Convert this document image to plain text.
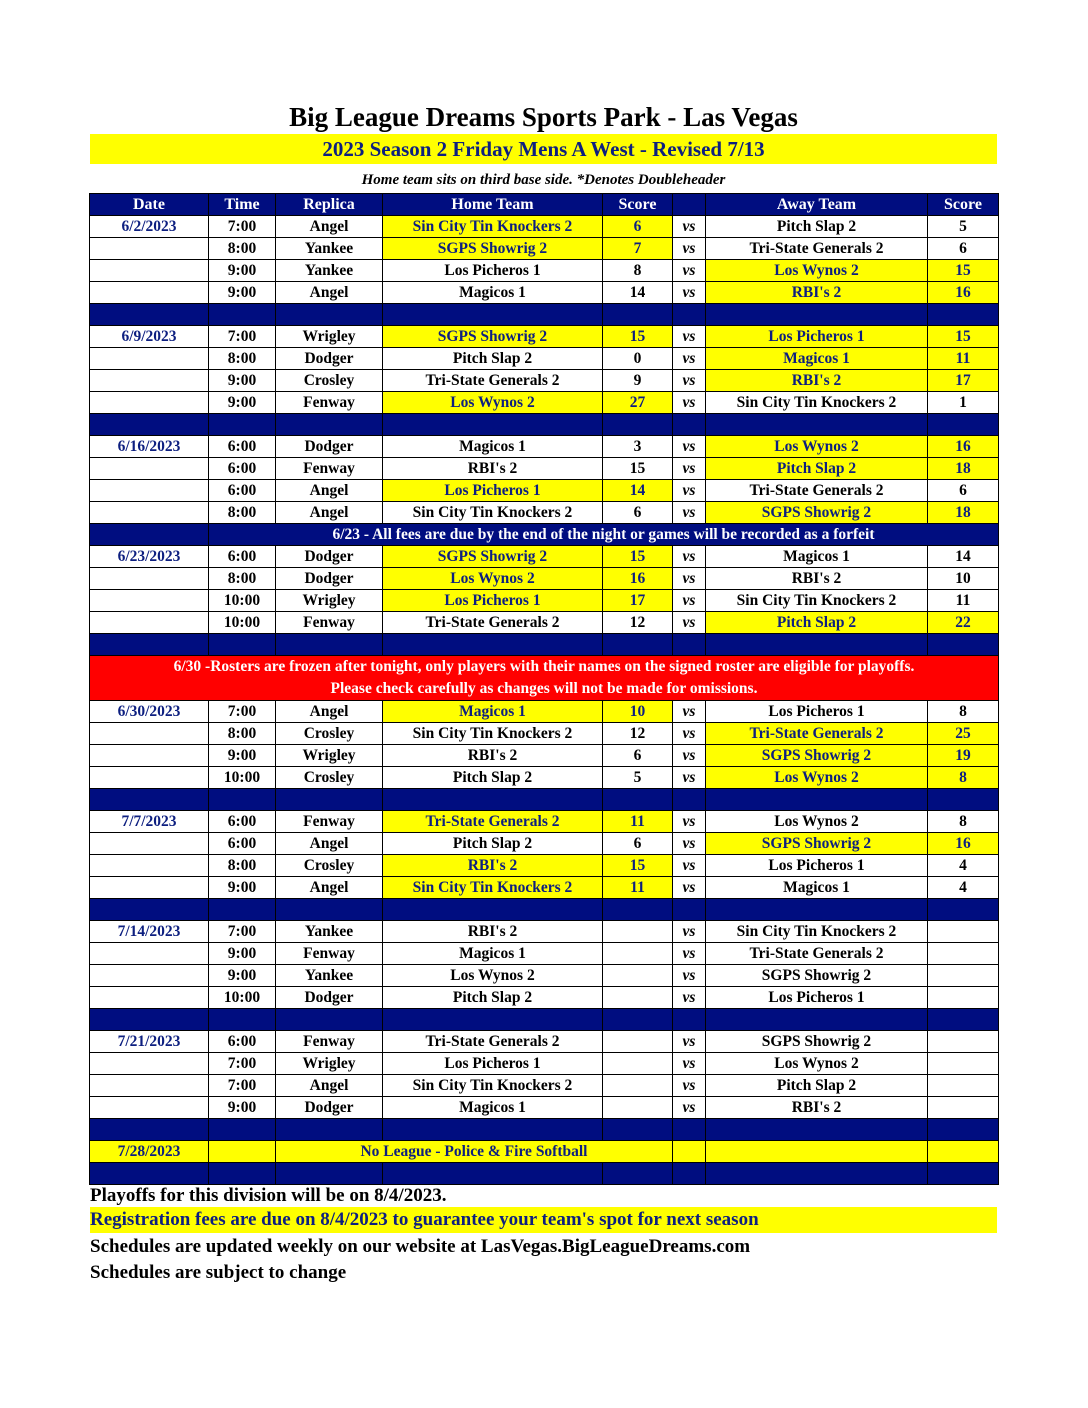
Big League Dreams Sports Park - Las Vegas
2023 Season 2 Friday Mens A West - Revised 7/13
Home team sits on third base side. *Denotes Doubleheader
Date	Time	Replica	Home Team	Score		Away Team	Score
6/2/2023	7:00	Angel	Sin City Tin Knockers 2	6	vs	Pitch Slap 2	5
	8:00	Yankee	SGPS Showrig 2	7	vs	Tri-State Generals 2	6
	9:00	Yankee	Los Picheros 1	8	vs	Los Wynos 2	15
	9:00	Angel	Magicos 1	14	vs	RBI's 2	16

6/9/2023	7:00	Wrigley	SGPS Showrig 2	15	vs	Los Picheros 1	15
	8:00	Dodger	Pitch Slap 2	0	vs	Magicos 1	11
	9:00	Crosley	Tri-State Generals 2	9	vs	RBI's 2	17
	9:00	Fenway	Los Wynos 2	27	vs	Sin City Tin Knockers 2	1

6/16/2023	6:00	Dodger	Magicos 1	3	vs	Los Wynos 2	16
	6:00	Fenway	RBI's 2	15	vs	Pitch Slap 2	18
	6:00	Angel	Los Picheros 1	14	vs	Tri-State Generals 2	6
	8:00	Angel	Sin City Tin Knockers 2	6	vs	SGPS Showrig 2	18
	6/23 - All fees are due by the end of the night or games will be recorded as a forfeit						
6/23/2023	6:00	Dodger	SGPS Showrig 2	15	vs	Magicos 1	14
	8:00	Dodger	Los Wynos 2	16	vs	RBI's 2	10
	10:00	Wrigley	Los Picheros 1	17	vs	Sin City Tin Knockers 2	11
	10:00	Fenway	Tri-State Generals 2	12	vs	Pitch Slap 2	22

6/30 -Rosters are frozen after tonight, only players with their names on the signed roster are eligible for playoffs.
Please check carefully as changes will not be made for omissions.							

6/30/2023	7:00	Angel	Magicos 1	10	vs	Los Picheros 1	8
	8:00	Crosley	Sin City Tin Knockers 2	12	vs	Tri-State Generals 2	25
	9:00	Wrigley	RBI's 2	6	vs	SGPS Showrig 2	19
	10:00	Crosley	Pitch Slap 2	5	vs	Los Wynos 2	8

7/7/2023	6:00	Fenway	Tri-State Generals 2	11	vs	Los Wynos 2	8
	6:00	Angel	Pitch Slap 2	6	vs	SGPS Showrig 2	16
	8:00	Crosley	RBI's 2	15	vs	Los Picheros 1	4
	9:00	Angel	Sin City Tin Knockers 2	11	vs	Magicos 1	4

7/14/2023	7:00	Yankee	RBI's 2		vs	Sin City Tin Knockers 2	
	9:00	Fenway	Magicos 1		vs	Tri-State Generals 2	
	9:00	Yankee	Los Wynos 2		vs	SGPS Showrig 2	
	10:00	Dodger	Pitch Slap 2		vs	Los Picheros 1	

7/21/2023	6:00	Fenway	Tri-State Generals 2		vs	SGPS Showrig 2	
	7:00	Wrigley	Los Picheros 1		vs	Los Wynos 2	
	7:00	Angel	Sin City Tin Knockers 2		vs	Pitch Slap 2	
	9:00	Dodger	Magicos 1		vs	RBI's 2	

7/28/2023		No League - Police & Fire Softball					

Playoffs for this division will be on 8/4/2023.
Registration fees are due on 8/4/2023 to guarantee your team's spot for next season
Schedules are updated weekly on our website at LasVegas.BigLeagueDreams.com
Schedules are subject to change
